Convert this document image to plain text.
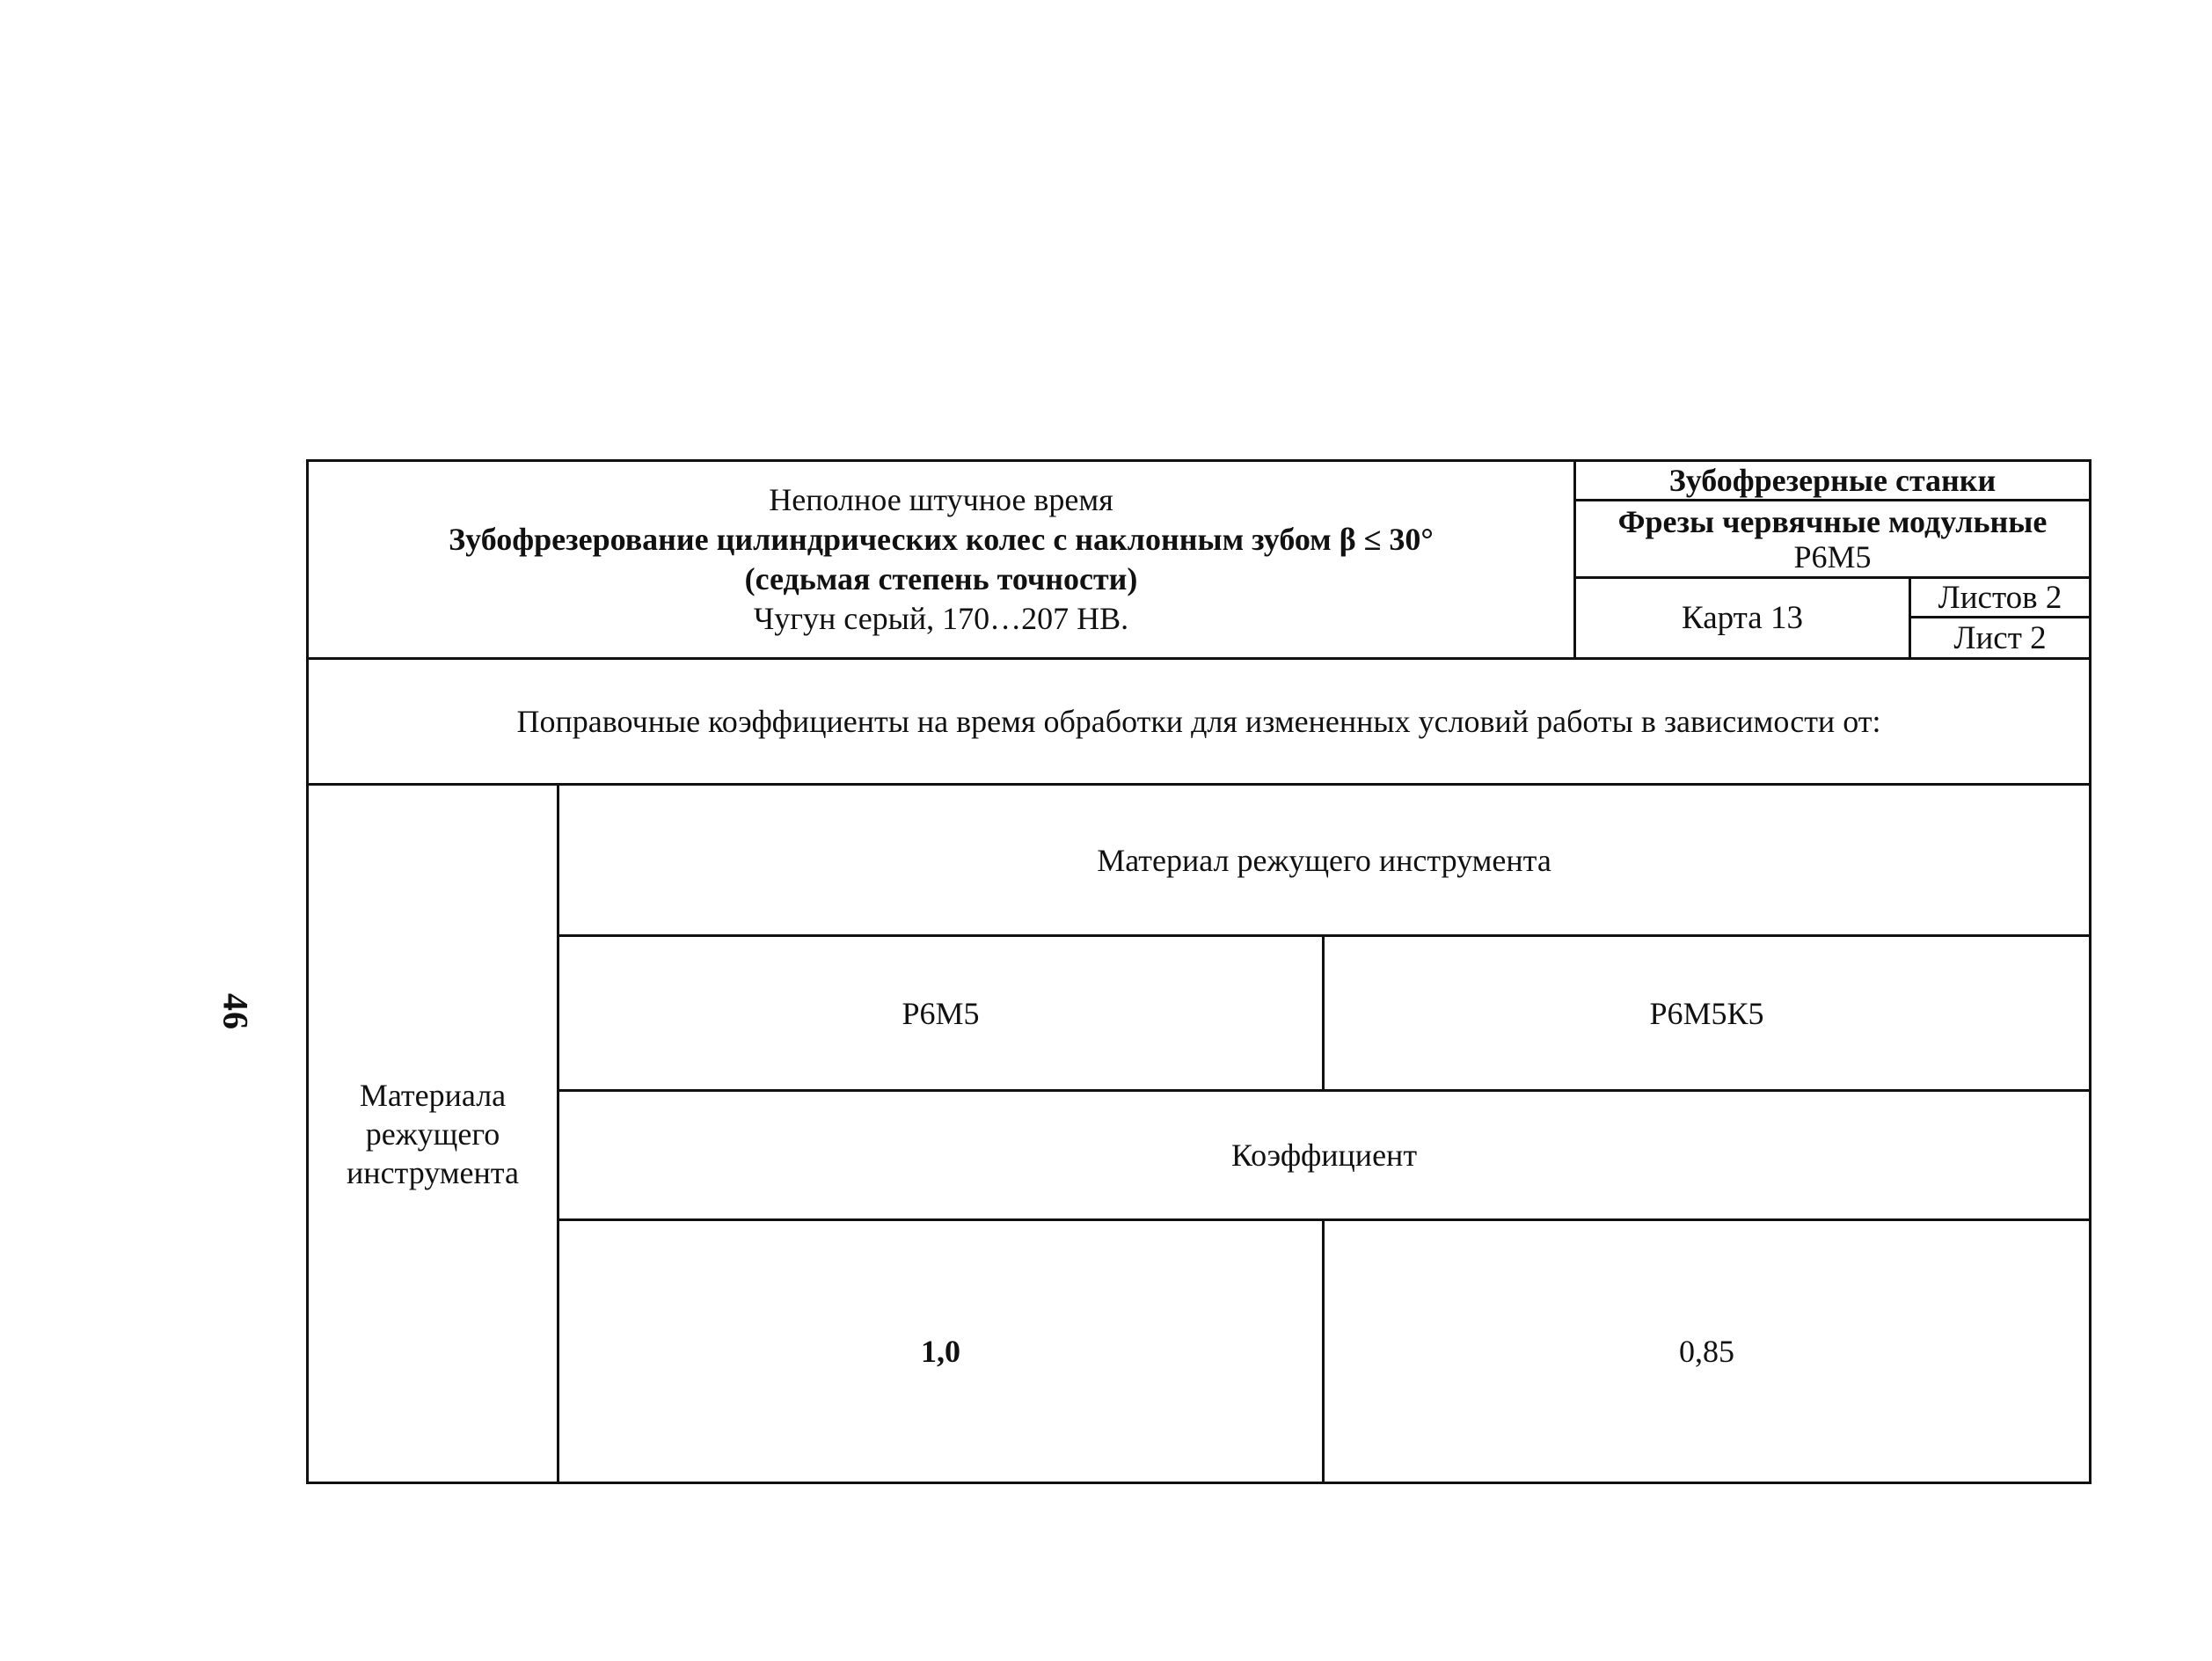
46
Неполное штучное время
Зубофрезерование цилиндрических колес с наклонным зубом β ≤ 30°
(седьмая степень точности)
Чугун серый, 170…207 НВ.
Зубофрезерные станки
Фрезы червячные модульные
Р6М5
Карта 13
Листов 2
Лист 2
Поправочные коэффициенты на время обработки для измененных условий работы в зависимости от:
Материала режущего инструмента
Материал режущего инструмента
Р6М5	Р6М5К5
Коэффициент
1,0	0,85
